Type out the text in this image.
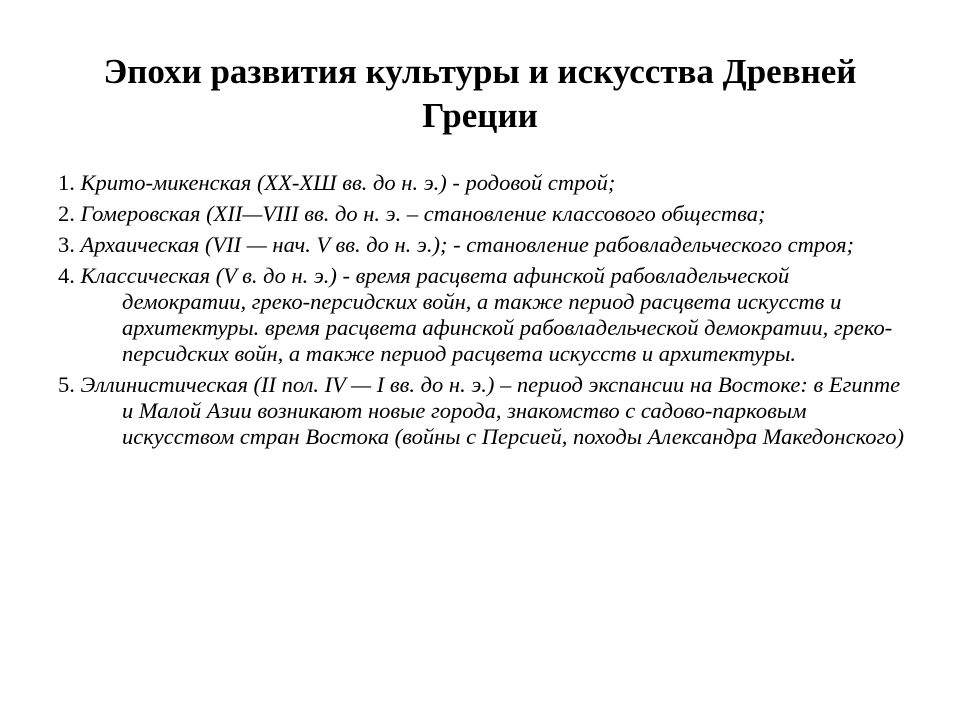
Эпохи развития культуры и искусства Древней Греции
1. Крито-микенская (XX-XШ вв. до н. э.) - родовой строй;
2. Гомеровская (XII—VIII вв. до н. э. – становление классового общества;
3. Архаическая (VII — нач. V вв. до н. э.); - становление рабовладельческого строя;
4. Классическая (V в. до н. э.) - время расцвета афинской рабовладельческой демократии, греко-персидских войн, а также период расцвета искусств и архитектуры. время расцвета афинской рабовладельческой демократии, греко-персидских войн, а также период расцвета искусств и архитектуры.
5. Эллинистическая (II пол. IV — I вв. до н. э.) – период экспансии на Востоке: в Египте и Малой Азии возникают новые города, знакомство с садово-парковым искусством стран Востока (войны с Персией, походы Александра Македонского)
